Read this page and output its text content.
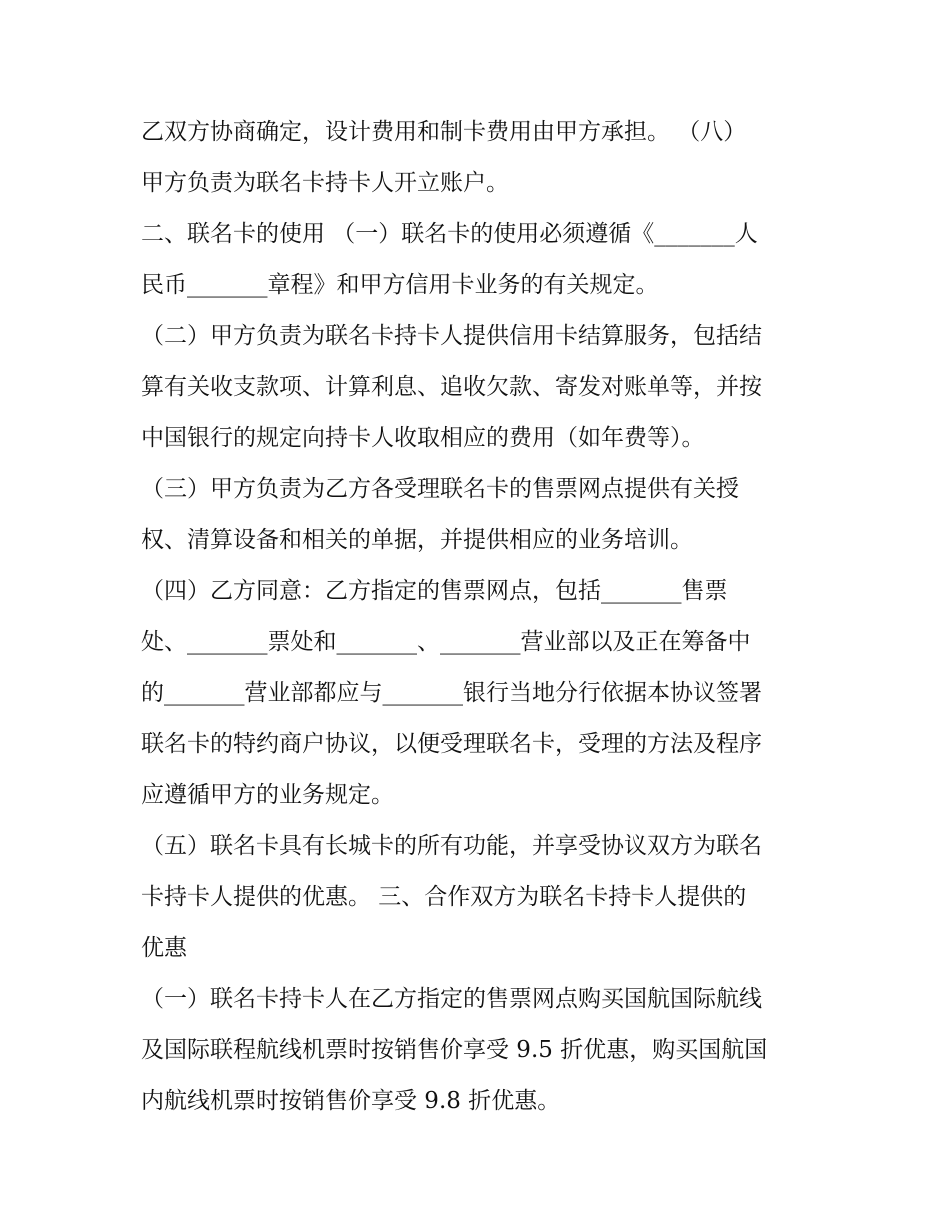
乙双方协商确定，设计费用和制卡费用由甲方承担。 （八）
甲方负责为联名卡持卡人开立账户。
二、联名卡的使用 （一）联名卡的使用必须遵循《_______人
民币_______章程》和甲方信用卡业务的有关规定。
（二）甲方负责为联名卡持卡人提供信用卡结算服务，包括结
算有关收支款项、计算利息、追收欠款、寄发对账单等，并按
中国银行的规定向持卡人收取相应的费用（如年费等）。
（三）甲方负责为乙方各受理联名卡的售票网点提供有关授
权、清算设备和相关的单据，并提供相应的业务培训。
（四）乙方同意：乙方指定的售票网点，包括_______售票
处、_______票处和_______、_______营业部以及正在筹备中
的_______营业部都应与_______银行当地分行依据本协议签署
联名卡的特约商户协议，以便受理联名卡，受理的方法及程序
应遵循甲方的业务规定。
（五）联名卡具有长城卡的所有功能，并享受协议双方为联名
卡持卡人提供的优惠。 三、合作双方为联名卡持卡人提供的
优惠
（一）联名卡持卡人在乙方指定的售票网点购买国航国际航线
及国际联程航线机票时按销售价享受 9.5 折优惠，购买国航国
内航线机票时按销售价享受 9.8 折优惠。
